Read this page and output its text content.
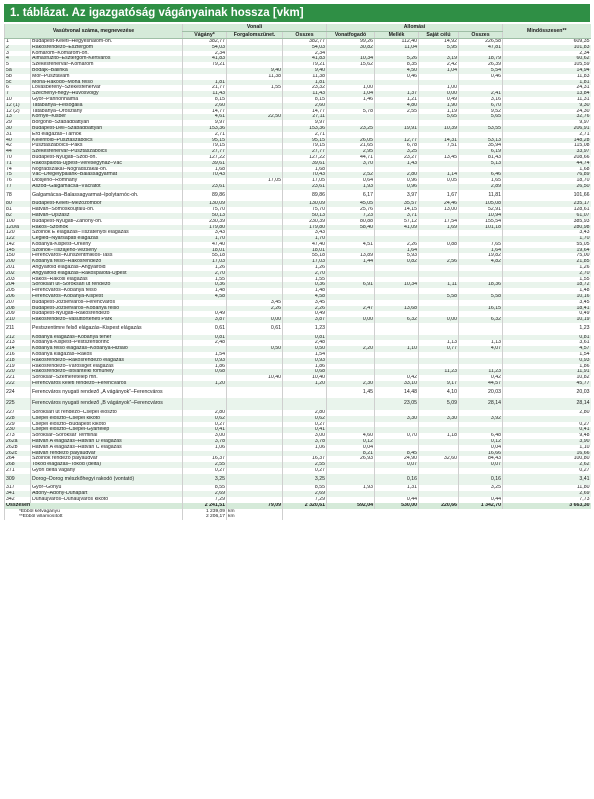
1. táblázat. Az igazgatóság vágányainak hossza [vkm]
Vasútvonal száma, megnevezése		Vonali			Állomási				Mindösszesen**
		Vágány*	Forgalomszünet.	Összes	Vonatfogadó	Mellék	Saját célú	Összes	
1	Budapest-Keleti–Hegyeshalom-oh.	382,77		382,77	99,26	112,40	14,92	226,58	609,35
2	Rákosrendező–Esztergom	54,03		54,03	30,82	11,04	5,95	47,81	101,83
3	Komárom–Komárom-oh.	2,34		2,34					2,34
4	Almásfüzitő–Esztergom-Kertváros	41,83		41,83	10,34	5,26	3,19	18,79	60,62
5	Székesfehérvár–Komárom	79,21		79,21	15,62	8,35	2,42	26,39	105,59
5a	Bodajk–Balinka		9,40	9,40		4,50	1,04	5,54	14,94
5b	Mór–Pusztavám		11,38	11,38		0,46		0,46	11,83
5c	Moha-Rakodó–Moha felső	1,81		1,81					1,81
6	Lovasberény–Székesfehérvár	21,77	1,55	23,32	1,00		1,00		24,31
7	Széchenyi-hegy–Hűvösvölgy	11,43		11,43	1,04	1,37	0,00	2,41	13,84
10	Győr–Pannonhalma	8,15		8,15	1,46	1,21	0,49	3,16	11,31
12 (1)	Tatabánya–Felsőgalla	2,60		2,60		4,80	1,90	6,70	9,30
12 (2)	Tatabánya–Oroszlány	14,77		14,77	5,78	2,55	1,19	9,52	24,30
13	Környe–Kisbér	4,61	22,50	27,11			5,65	5,65	32,76
29	Börgönd–Szabadbattyán	9,97		9,97					9,97
30	Budapest-Déli–Szabadbattyán	153,36		153,36	23,25	19,91	10,39	53,55	206,91
31	Érd elágazás–Tárnok	2,71		2,71					2,71
40	Kelenföld–Pusztaszabolcs	95,15		95,15	26,05	12,77	14,31	53,13	148,28
42	Pusztaszabolcs–Paks	79,15		79,15	21,65	6,78	7,51	35,94	115,08
44	Székesfehérvár–Pusztaszabolcs	27,77		27,77	2,95	3,25		6,19	33,97
70	Budapest-Nyugati–Szob-oh.	127,22		127,22	44,71	23,27	13,45	81,43	208,66
71	Rákospalota-Újpest–Veresegyház–Vác	39,61		39,61	3,70	1,43		5,13	44,74
74	Nógrádszakál–Nógrádszakál-oh.	1,68		1,68					1,68
75	Vác–Drégelypalánk–Balassagyarmat	70,43		70,43	2,52	2,80	1,14	6,46	76,89
76	Diósjenő–Romhány		17,05	17,05	0,64	0,96	0,05	1,65	18,70
77	Aszód–Galgamácsa–Vácrátót	23,61		23,61	1,93	0,96		2,89	26,50
78	Galgamácsa–Balassagyarmat–Ipolytarnóc-oh.	89,86		89,86	6,17	3,97	1,67	11,81	101,66
80	Budapest-Keleti–Mezőzombor	130,09		130,09	45,05	35,57	24,46	105,08	235,17
81	Hatvan–Somoskőújfalu-oh.	75,70		75,70	25,76	14,15	13,00	52,91	128,61
82	Hatvan–Újszász	50,13		50,13	7,23	3,71		10,94	61,07
100	Budapest-Nyugati–Záhony-oh.	230,39		230,39	80,88	57,12	17,54	155,54	385,93
120/a	Rákos–Szolnok	179,80		179,80	58,40	41,09	1,69	101,18	280,98
120	Szolnok E elágazás–Tiszatenyői elágazás	3,43		3,43					3,43
122	Cegléd–Nyársapáti elágazás	1,70		1,70					1,70
142	Kőbánya-Kispest–Örkény	47,40		47,40	4,51	2,26	0,88	7,65	55,05
145	Szolnok–Tiszajenő-Vezseny	18,01		18,01		1,64		1,64	19,64
150	Ferencváros–Kunszentmiklós-Tass	55,18		55,18	13,89	5,93		19,82	75,00
200	Kőbánya felső–Rákosrendező	17,03		17,03	1,44	0,82	2,56	4,82	21,85
201	Angyalföld elágazás–Angyalföld	1,26		1,26					1,26
202	Angyalföld elágazás–Rákospalota-Újpest	2,70		2,70					2,70
203	Rákos–Rákosi elágazás	1,55		1,55					1,55
204	Soroksári út–Soroksári út rendező	0,36		0,36	6,91	10,34	1,11	18,36	18,72
205	Ferencváros–Kőbánya felső	1,48		1,48					1,48
206	Ferencváros–Kőbánya-Kispest	4,58		4,58			5,58	5,58	10,16
207	Budapest-Józsefváros–Ferencváros		3,45	3,45					3,45
208	Budapest-Józsefváros–Kőbánya felső		2,26	2,26	2,47	13,68		16,15	18,41
209	Budapest-Nyugati–Rákosrendező	0,49		0,49					0,49
210	Rákosrendező–Vasúttörténeti Park	3,87	0,00	3,87	0,00	6,32	0,00	6,32	10,19
211	Pestszentimre felső elágazás–Kispest elágazás	0,61	0,61	1,23					1,23
212	Kőbánya elágazás–Kőbánya teher	0,81		0,81					0,81
213	Kőbánya-Kispest–Pestszentlőrinc	2,48		2,48			1,13	1,13	3,61
214	Kőbánya felső elágazás–Kőbánya-Hizlaló		0,50	0,50	2,20	1,10	0,77	4,07	4,57
216	Kőbánya kiágazás–Rákos	1,54		1,54					1,54
218	Rákosrendező–Rákosrendező elágazás	0,93		0,93					0,93
219	Rákosrendező–Városliget elágazás	1,86		1,86					1,86
220	Rákosrendező–Istvántelki főműhely	0,68		0,68			11,23	11,23	11,91
221	Soroksár–Szemeretelep mh.		10,40	10,40		0,42		0,42	10,82
222	Ferencváros keleti rendező–Ferencváros	1,20		1,20	2,30	33,10	9,17	44,57	45,77
224	Ferencváros nyugati rendező „A vágányok”–Ferencváros				1,45	14,48	4,10	20,03	20,03
225	Ferencváros nyugati rendező „B vágányok”–Ferencváros					23,05	5,09	28,14	28,14
227	Soroksári út rendező–Csepel elosztó	2,80		2,80					2,80
228	Csepel elosztó–Csepel kikötő	0,62		0,62		3,30	3,30	3,92	
229	Csepel elosztó–Budapest kikötő	0,27		0,27					0,27
230	Csepel elosztó–Csepel-Gyártelep	0,41		0,41					0,41
273	Soroksár–Soroksár Terminál	3,00		3,00	4,60	0,70	1,18	6,48	9,48
262a	Hatvan A elágazás–Hatvan D elágazás	3,78		3,78	0,12			0,12	3,90
262b	Hatvan A elágazás–Hatvan C elágazás	1,06		1,06	0,04			0,04	1,10
262c	Hatvan rendező pályaudvar				8,21	8,45		16,66	16,66
264	Szolnok rendező pályaudvar	16,37		16,37	26,93	24,90	32,60	84,43	100,80
268	Tokod elágazás–Tokod (delta)	2,55		2,55		0,07		0,07	2,62
271	Győri delta vágány	0,27		0,27					0,27
309	Dorog–Dorog mészkőhegyi rakodó (vontató)	3,25		3,25		0,16		0,16	3,41
317	Győr–Gönyű	8,55		8,55	1,93	1,31		3,25	11,80
341	Adony–Adony-Dunapart	2,69		2,69					2,69
342	Dunaújváros–Dunaújváros kikötő	7,29		7,29		0,44		0,44	7,73
Összesen		2 241,51	79,09	2 320,61	592,04	530,00	220,66	1 342,70	3 663,30
*Ebből kétvágányú		1 239,09	km						
**Ebből villamosított		2 206,17	km						
